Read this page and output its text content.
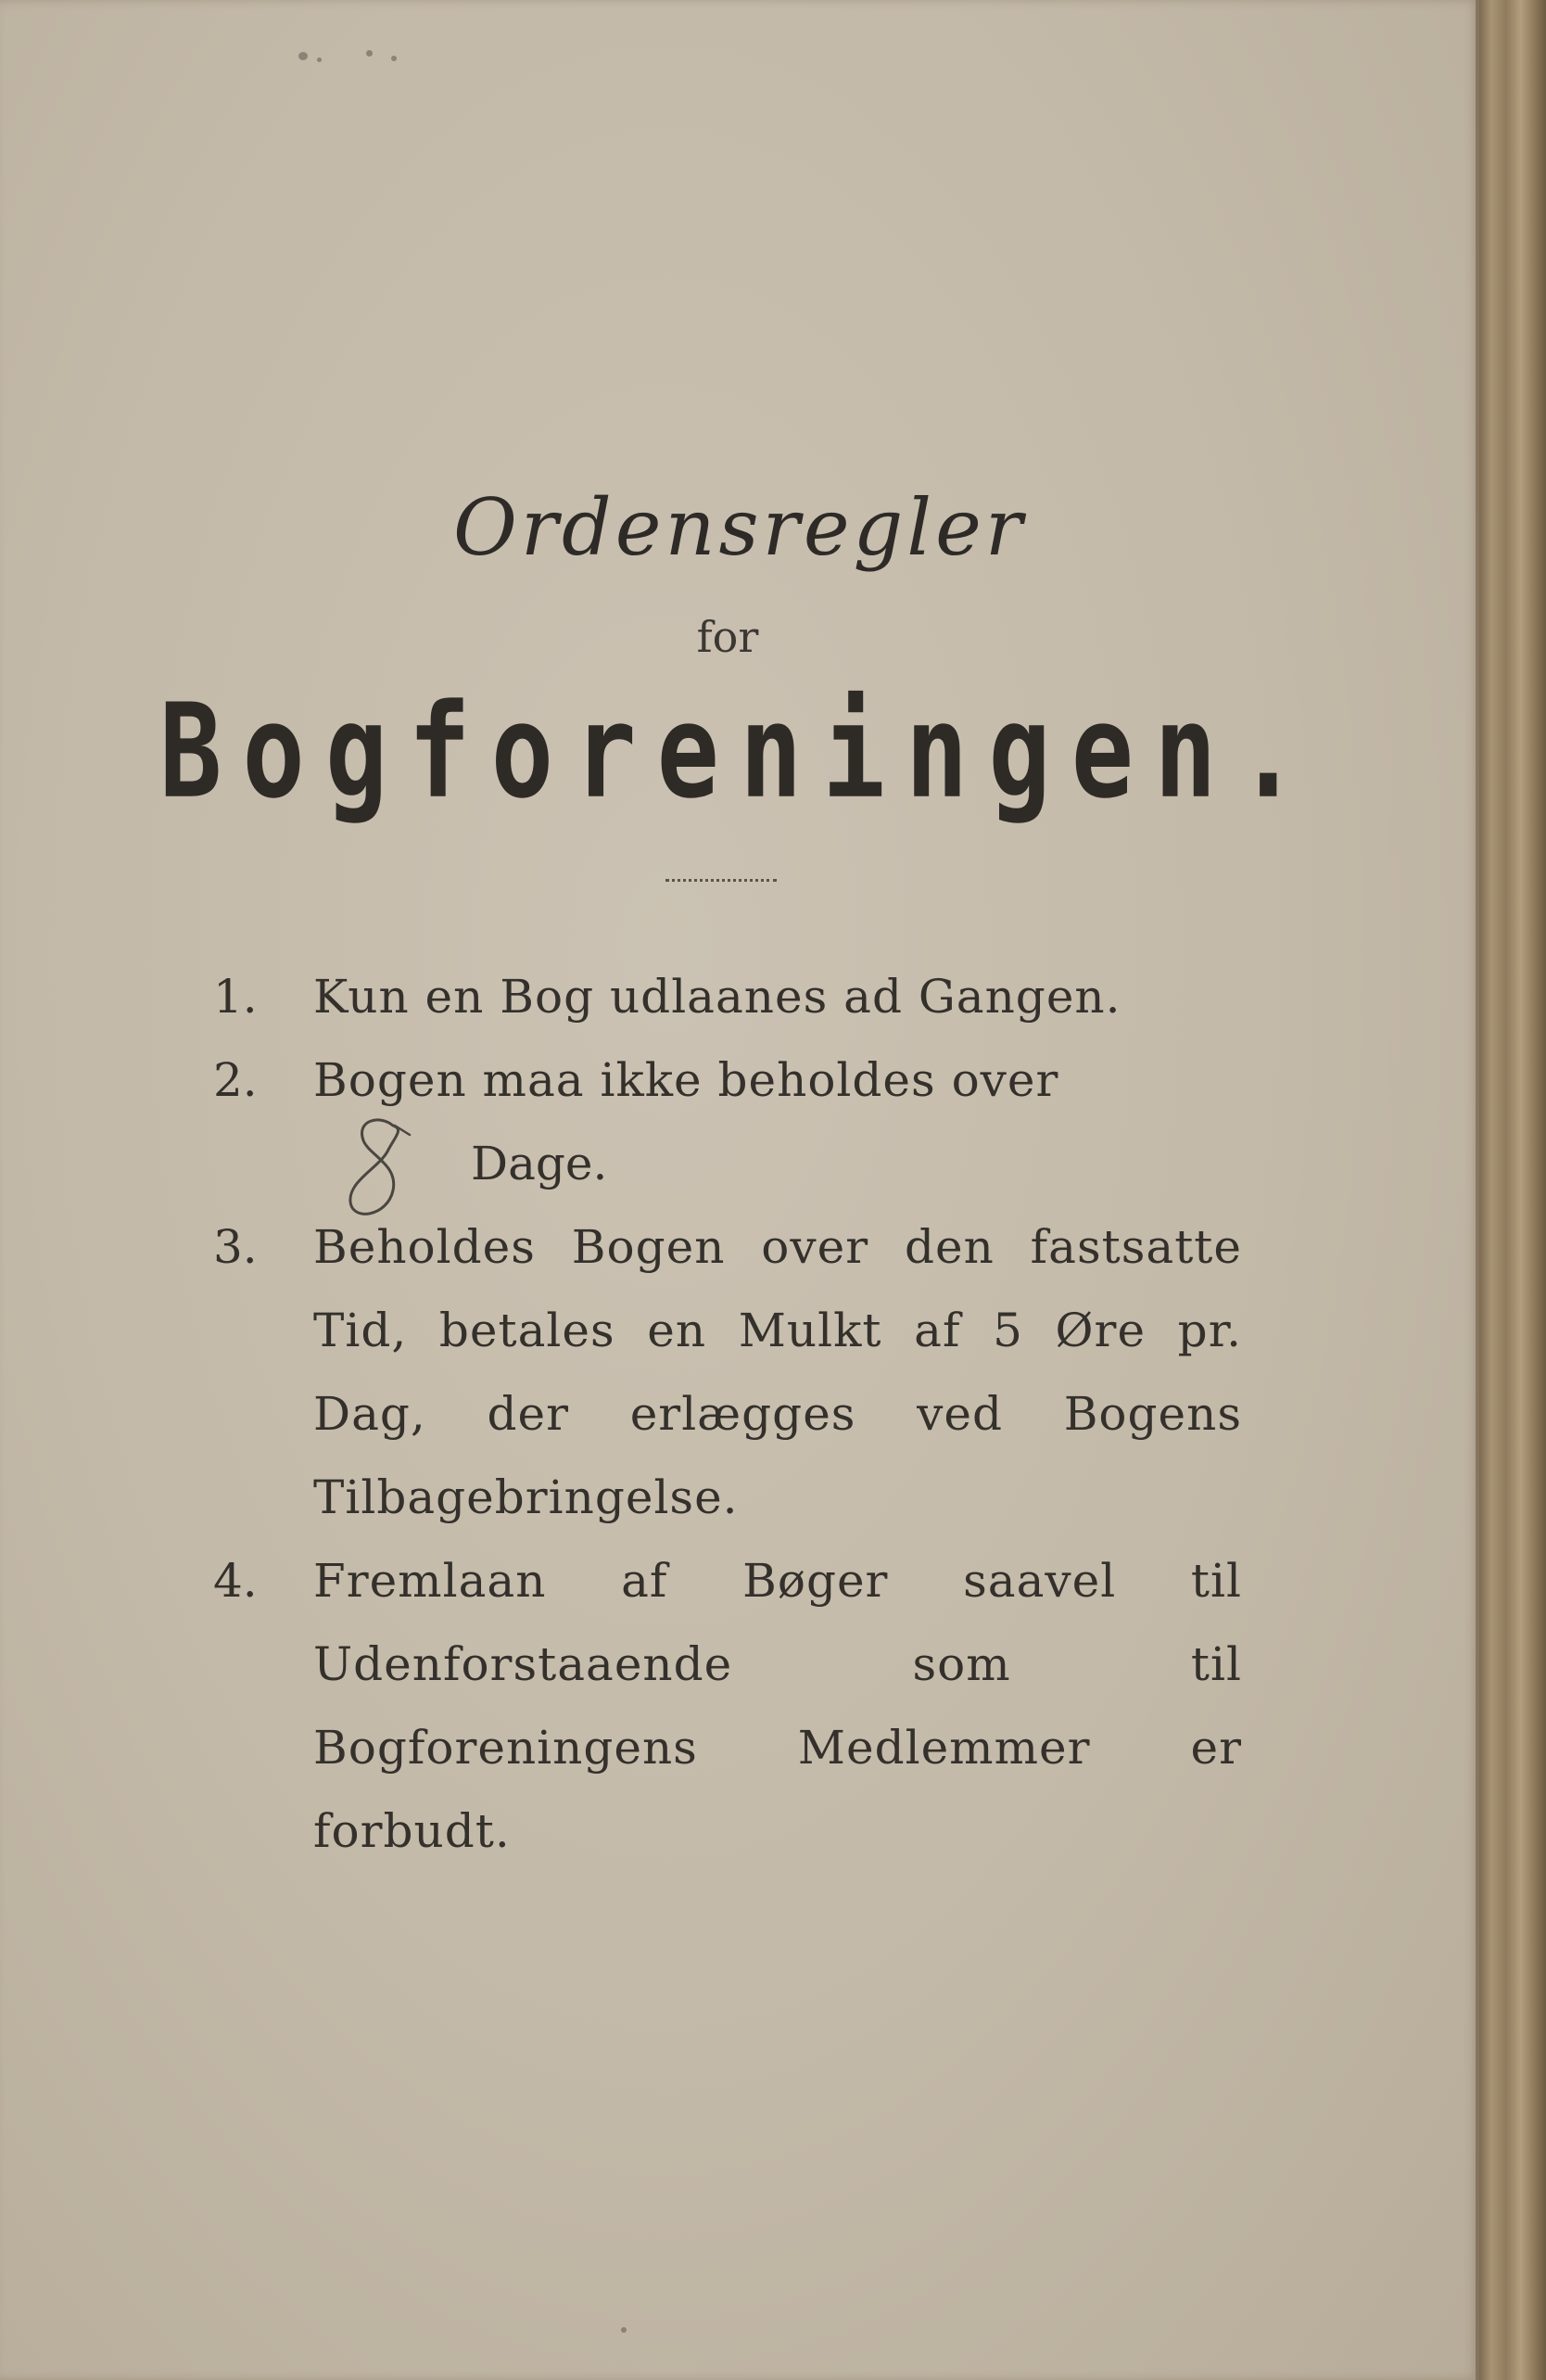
Ordensregler
for
Bogforeningen.
1. Kun en Bog udlaanes ad Gangen.
2. Bogen maa ikke beholdes over
Dage.
3. Beholdes Bogen over den fastsatte Tid, betales en Mulkt af 5 Øre pr. Dag, der erlægges ved Bogens Tilbagebringelse.
4. Fremlaan af Bøger saavel til Udenforstaaende som til Bogforeningens Medlemmer er forbudt.
